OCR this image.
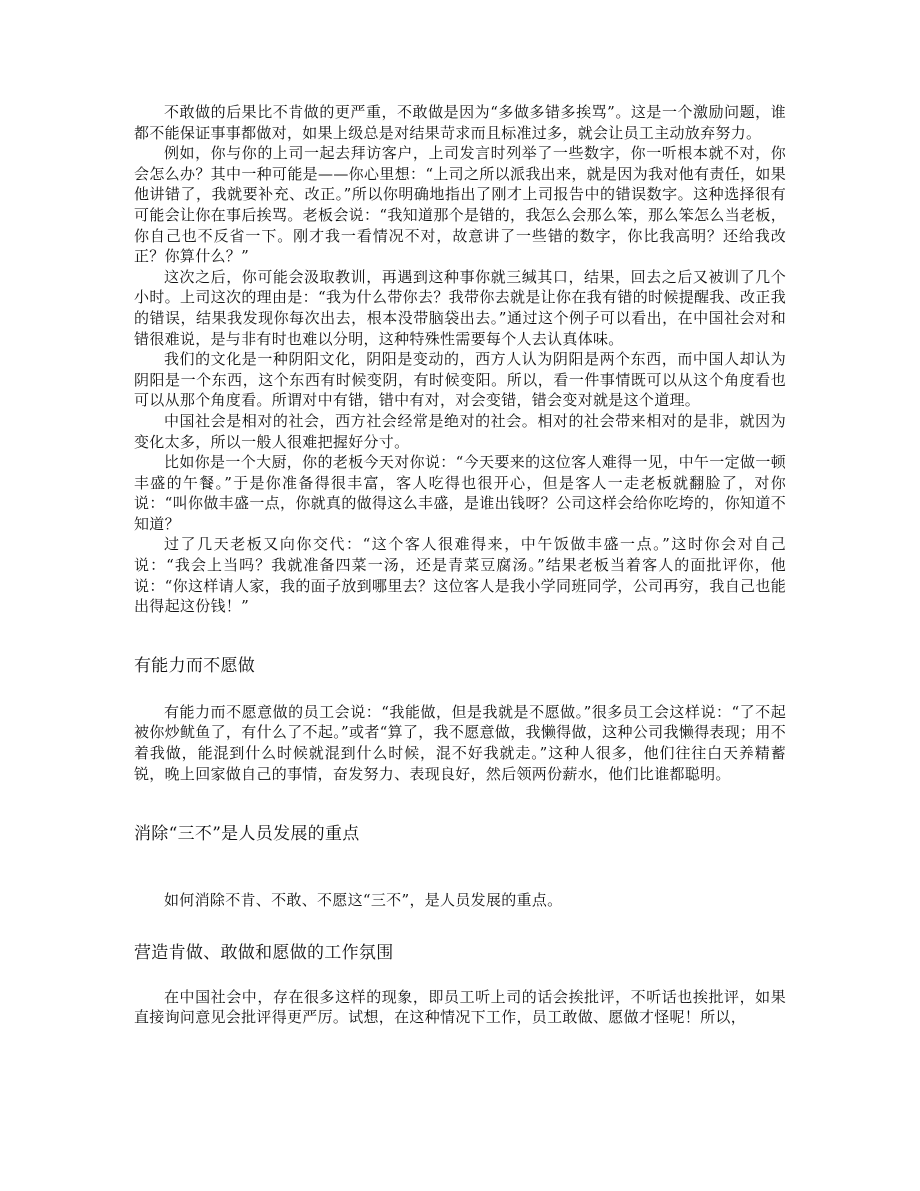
不敢做的后果比不肯做的更严重，不敢做是因为“多做多错多挨骂”。这是一个激励问题，谁都不能保证事事都做对，如果上级总是对结果苛求而且标准过多，就会让员工主动放弃努力。

例如，你与你的上司一起去拜访客户，上司发言时列举了一些数字，你一听根本就不对，你会怎么办？其中一种可能是——你心里想：“上司之所以派我出来，就是因为我对他有责任，如果他讲错了，我就要补充、改正。”所以你明确地指出了刚才上司报告中的错误数字。这种选择很有可能会让你在事后挨骂。老板会说：“我知道那个是错的，我怎么会那么笨，那么笨怎么当老板，你自己也不反省一下。刚才我一看情况不对，故意讲了一些错的数字，你比我高明？还给我改正？你算什么？”

这次之后，你可能会汲取教训，再遇到这种事你就三缄其口，结果，回去之后又被训了几个小时。上司这次的理由是：“我为什么带你去？我带你去就是让你在我有错的时候提醒我、改正我的错误，结果我发现你每次出去，根本没带脑袋出去。”通过这个例子可以看出，在中国社会对和错很难说，是与非有时也难以分明，这种特殊性需要每个人去认真体味。

我们的文化是一种阴阳文化，阴阳是变动的，西方人认为阴阳是两个东西，而中国人却认为阴阳是一个东西，这个东西有时候变阴，有时候变阳。所以，看一件事情既可以从这个角度看也可以从那个角度看。所谓对中有错，错中有对，对会变错，错会变对就是这个道理。

中国社会是相对的社会，西方社会经常是绝对的社会。相对的社会带来相对的是非，就因为变化太多，所以一般人很难把握好分寸。

比如你是一个大厨，你的老板今天对你说：“今天要来的这位客人难得一见，中午一定做一顿丰盛的午餐。”于是你准备得很丰富，客人吃得也很开心，但是客人一走老板就翻脸了，对你说：“叫你做丰盛一点，你就真的做得这么丰盛，是谁出钱呀？公司这样会给你吃垮的，你知道不知道？

过了几天老板又向你交代：“这个客人很难得来，中午饭做丰盛一点。”这时你会对自己说：“我会上当吗？我就准备四菜一汤，还是青菜豆腐汤。”结果老板当着客人的面批评你，他说：“你这样请人家，我的面子放到哪里去？这位客人是我小学同班同学，公司再穷，我自己也能出得起这份钱！”

有能力而不愿做

有能力而不愿意做的员工会说：“我能做，但是我就是不愿做。”很多员工会这样说：“了不起被你炒鱿鱼了，有什么了不起。”或者“算了，我不愿意做，我懒得做，这种公司我懒得表现；用不着我做，能混到什么时候就混到什么时候，混不好我就走。”这种人很多，他们往往白天养精蓄锐，晚上回家做自己的事情，奋发努力、表现良好，然后领两份薪水，他们比谁都聪明。

消除“三不”是人员发展的重点

如何消除不肯、不敢、不愿这“三不”，是人员发展的重点。

营造肯做、敢做和愿做的工作氛围

在中国社会中，存在很多这样的现象，即员工听上司的话会挨批评，不听话也挨批评，如果直接询问意见会批评得更严厉。试想，在这种情况下工作，员工敢做、愿做才怪呢！所以，
